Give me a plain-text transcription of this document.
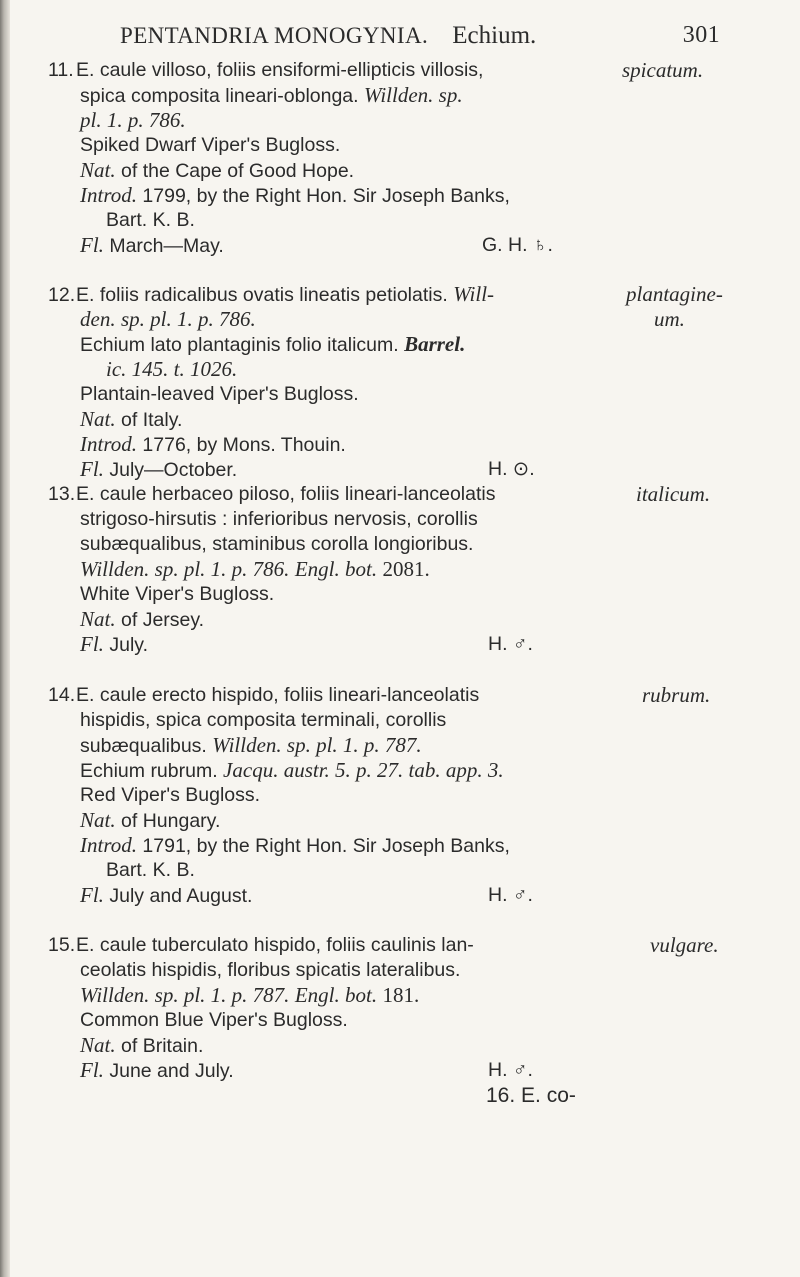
PENTANDRIA MONOGYNIA. Echium.	301
11. E. caule villoso, foliis ensiformi-ellipticis villosis,	spicatum.
spica composita lineari-oblonga. Willden. sp.
pl. 1. p. 786.
Spiked Dwarf Viper's Bugloss.
Nat. of the Cape of Good Hope.
Introd. 1799, by the Right Hon. Sir Joseph Banks,
Bart. K. B.
Fl. March—May.	G. H. ♄.
12.E. foliis radicalibus ovatis lineatis petiolatis. Will-	plantagine-
den. sp. pl. 1. p. 786.	um.
Echium lato plantaginis folio italicum. Barrel.
ic. 145. t. 1026.
Plantain-leaved Viper's Bugloss.
Nat. of Italy.
Introd. 1776, by Mons. Thouin.
Fl. July—October.	H. ⊙.
13.E. caule herbaceo piloso, foliis lineari-lanceolatis	italicum.
strigoso-hirsutis : inferioribus nervosis, corollis
subæqualibus, staminibus corolla longioribus.
Willden. sp. pl. 1. p. 786. Engl. bot. 2081.
White Viper's Bugloss.
Nat. of Jersey.
Fl. July.	H. ♂.
14.E. caule erecto hispido, foliis lineari-lanceolatis	rubrum.
hispidis, spica composita terminali, corollis
subæqualibus. Willden. sp. pl. 1. p. 787.
Echium rubrum. Jacqu. austr. 5. p. 27. tab. app. 3.
Red Viper's Bugloss.
Nat. of Hungary.
Introd. 1791, by the Right Hon. Sir Joseph Banks,
Bart. K. B.
Fl. July and August.	H. ♂.
15.E. caule tuberculato hispido, foliis caulinis lan-	vulgare.
ceolatis hispidis, floribus spicatis lateralibus.
Willden. sp. pl. 1. p. 787. Engl. bot. 181.
Common Blue Viper's Bugloss.
Nat. of Britain.
Fl. June and July.	H. ♂.
16. E. co-
